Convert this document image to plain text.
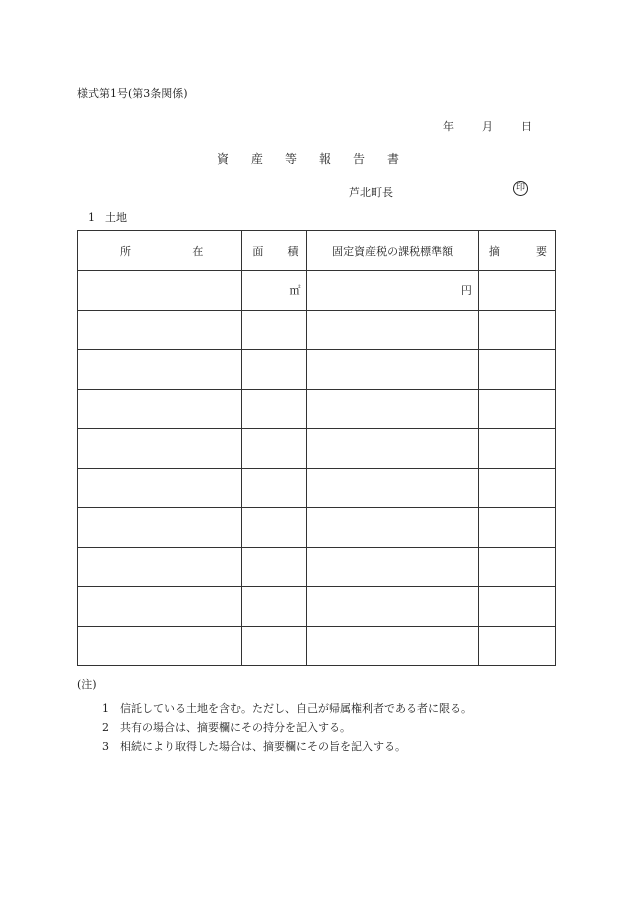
様式第1号(第3条関係)
年	月	日
資産等報告書
芦北町長	印
1 土地
所 在	面 積	固定資産税の課税標準額	摘 要

	㎡	円	

(注)
1 信託している土地を含む。ただし、自己が帰属権利者である者に限る。
2 共有の場合は、摘要欄にその持分を記入する。
3 相続により取得した場合は、摘要欄にその旨を記入する。
